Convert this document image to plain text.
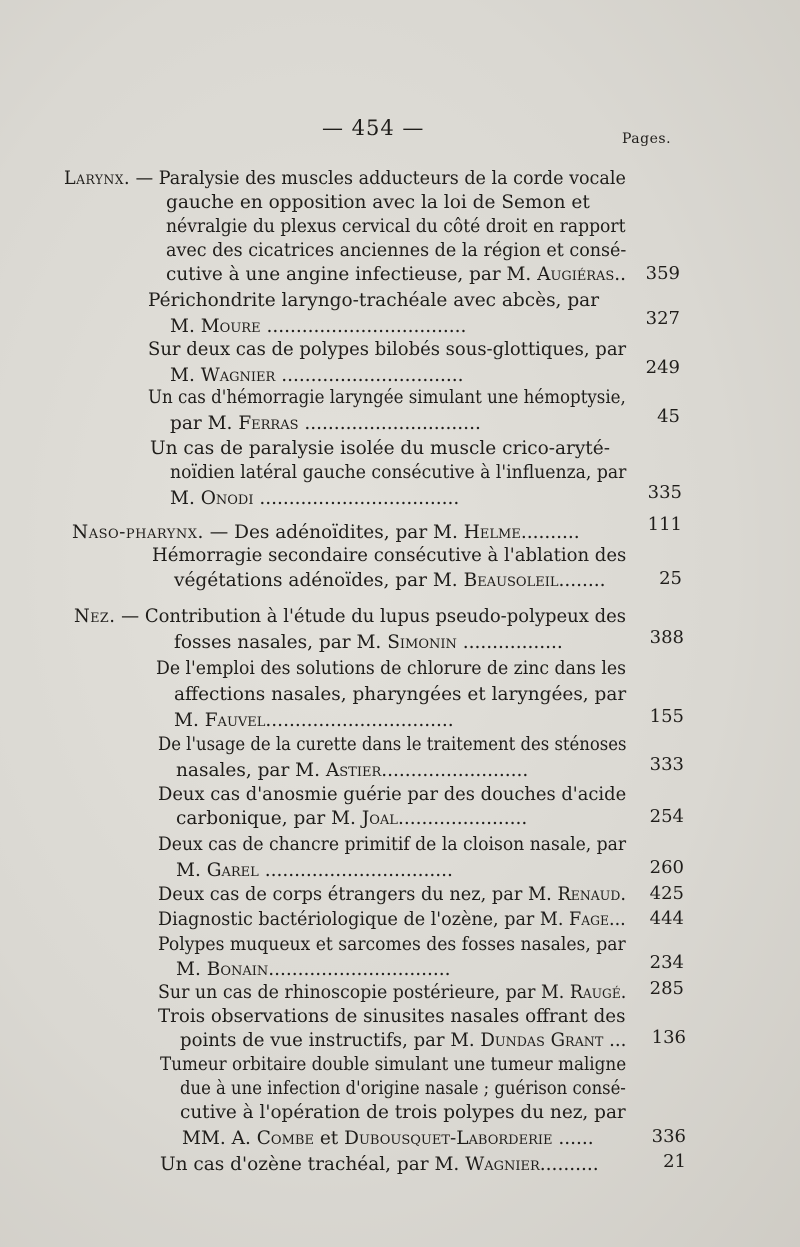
— 454 —	Pages.
Larynx. — Paralysie des muscles adducteurs de la corde vocale
gauche en opposition avec la loi de Semon et
névralgie du plexus cervical du côté droit en rapport
avec des cicatrices anciennes de la région et consé-
cutive à une angine infectieuse, par M. Augiéras..	359
Périchondrite laryngo-trachéale avec abcès, par
M. Moure ..................................	327
Sur deux cas de polypes bilobés sous-glottiques, par
M. Wagnier ...............................	249
Un cas d'hémorragie laryngée simulant une hémoptysie,
par M. Ferras ..............................	45
Un cas de paralysie isolée du muscle crico-aryté-
noïdien latéral gauche consécutive à l'influenza, par
M. Onodi ..................................	335
Naso-pharynx. — Des adénoïdites, par M. Helme..........	111
Hémorragie secondaire consécutive à l'ablation des
végétations adénoïdes, par M. Beausoleil........	25
Nez. — Contribution à l'étude du lupus pseudo-polypeux des
fosses nasales, par M. Simonin .................	388
De l'emploi des solutions de chlorure de zinc dans les
affections nasales, pharyngées et laryngées, par
M. Fauvel................................	155
De l'usage de la curette dans le traitement des sténoses
nasales, par M. Astier.........................	333
Deux cas d'anosmie guérie par des douches d'acide
carbonique, par M. Joal......................	254
Deux cas de chancre primitif de la cloison nasale, par
M. Garel ................................	260
Deux cas de corps étrangers du nez, par M. Renaud.	425
Diagnostic bactériologique de l'ozène, par M. Fage...	444
Polypes muqueux et sarcomes des fosses nasales, par
M. Bonain...............................	234
Sur un cas de rhinoscopie postérieure, par M. Raugé.	285
Trois observations de sinusites nasales offrant des
points de vue instructifs, par M. Dundas Grant ...	136
Tumeur orbitaire double simulant une tumeur maligne
due à une infection d'origine nasale ; guérison consé-
cutive à l'opération de trois polypes du nez, par
MM. A. Combe et Dubousquet-Laborderie ......	336
Un cas d'ozène trachéal, par M. Wagnier..........	21
